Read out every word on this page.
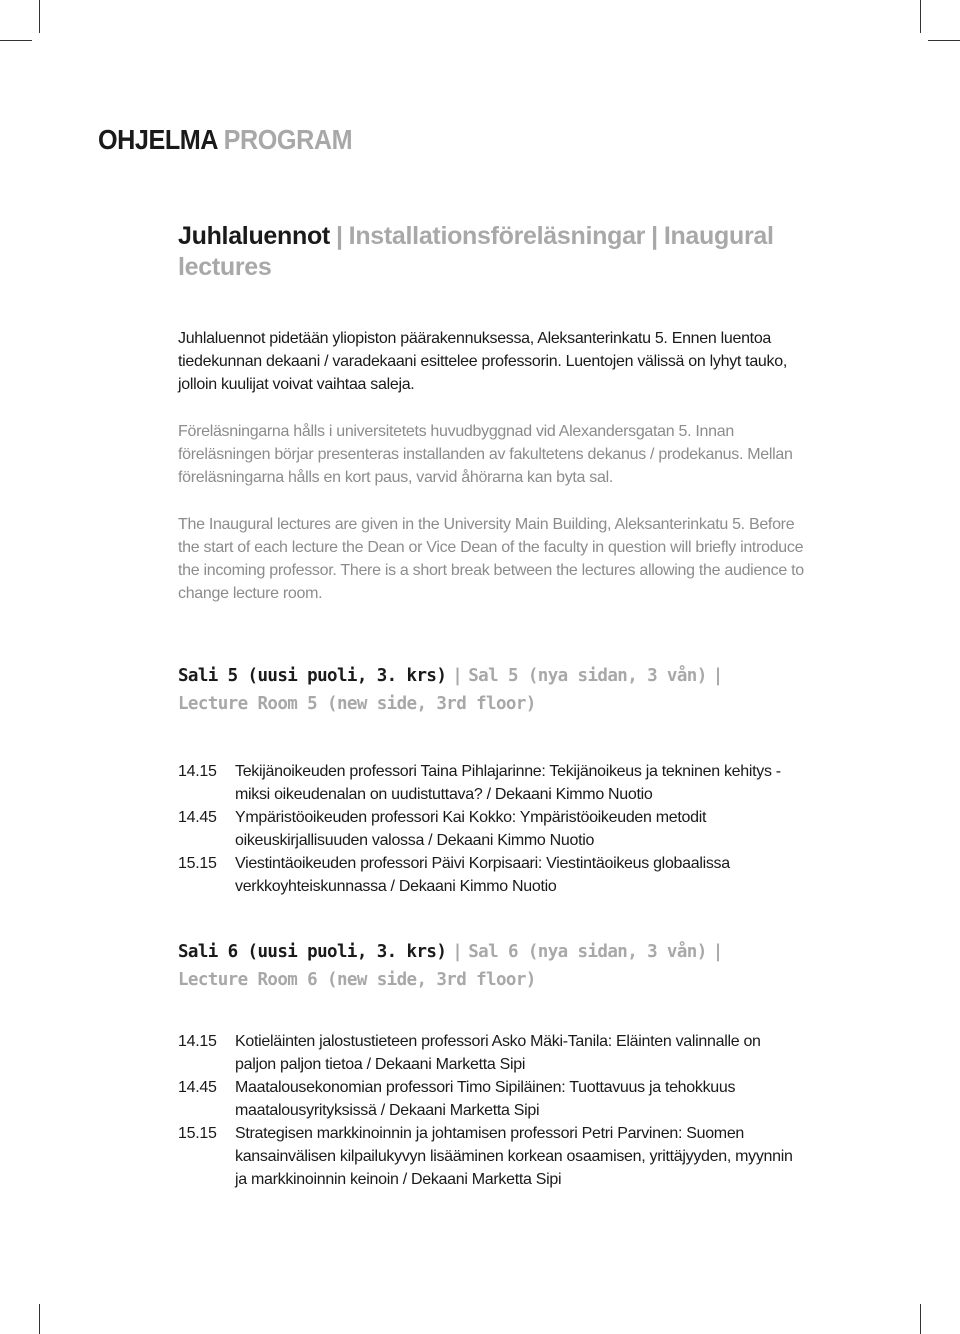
OHJELMA PROGRAM
Juhlaluennot | Installationsföreläsningar | Inaugural lectures

Juhlaluennot pidetään yliopiston päärakennuksessa, Aleksanterinkatu 5. Ennen luentoa tiedekunnan dekaani / varadekaani esittelee professorin. Luentojen välissä on lyhyt tauko, jolloin kuulijat voivat vaihtaa saleja.

Föreläsningarna hålls i universitetets huvudbyggnad vid Alexandersgatan 5. Innan föreläsningen börjar presenteras installanden av fakultetens dekanus / prodekanus. Mellan föreläsningarna hålls en kort paus, varvid åhörarna kan byta sal.

The Inaugural lectures are given in the University Main Building, Aleksanterinkatu 5. Before the start of each lecture the Dean or Vice Dean of the faculty in question will briefly introduce the incoming professor. There is a short break between the lectures allowing the audience to change lecture room.

Sali 5 (uusi puoli, 3. krs) | Sal 5 (nya sidan, 3 vån) |
Lecture Room 5 (new side, 3rd floor)
14.15	Tekijänoikeuden professori Taina Pihlajarinne: Tekijänoikeus ja tekninen kehitys - miksi oikeudenalan on uudistuttava? / Dekaani Kimmo Nuotio
14.45	Ympäristöoikeuden professori Kai Kokko: Ympäristöoikeuden metodit oikeuskirjallisuuden valossa / Dekaani Kimmo Nuotio
15.15	Viestintäoikeuden professori Päivi Korpisaari: Viestintäoikeus globaalissa verkkoyhteiskunnassa / Dekaani Kimmo Nuotio
Sali 6 (uusi puoli, 3. krs) | Sal 6 (nya sidan, 3 vån) |
Lecture Room 6 (new side, 3rd floor)
14.15	Kotieläinten jalostustieteen professori Asko Mäki-Tanila: Eläinten valinnalle on paljon paljon tietoa / Dekaani Marketta Sipi
14.45	Maatalousekonomian professori Timo Sipiläinen: Tuottavuus ja tehokkuus maatalousyrityksissä / Dekaani Marketta Sipi
15.15	Strategisen markkinoinnin ja johtamisen professori Petri Parvinen: Suomen kansainvälisen kilpailukyvyn lisääminen korkean osaamisen, yrittäjyyden, myynnin ja markkinoinnin keinoin / Dekaani Marketta Sipi
